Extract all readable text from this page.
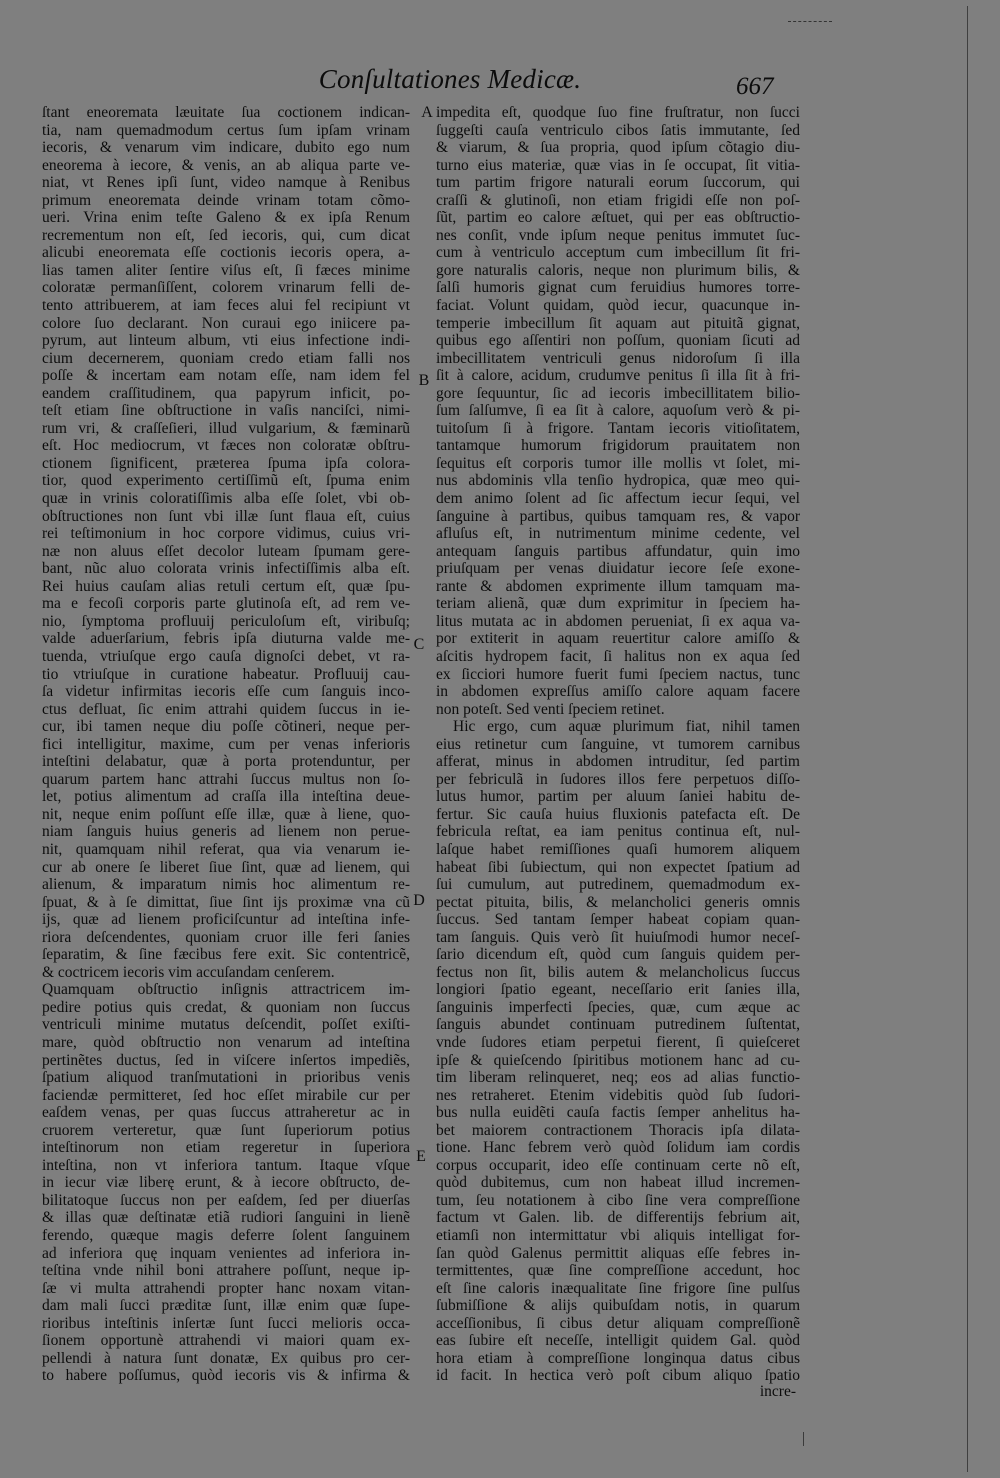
Conſultationes Medicæ.	667
ſtant eneoremata læuitate ſua coctionem indican-
tia, nam quemadmodum certus ſum ipſam vrinam
iecoris, & venarum vim indicare, dubito ego num
eneorema à iecore, & venis, an ab aliqua parte ve-
niat, vt Renes ipſi ſunt, video namque à Renibus
primum eneoremata deinde vrinam totam cõmo-
ueri. Vrina enim teſte Galeno & ex ipſa Renum
recrementum non eſt, ſed iecoris, qui, cum dicat
alicubi eneoremata eſſe coctionis iecoris opera, a-
lias tamen aliter ſentire viſus eſt, ſi fæces minime
coloratæ permanſiſſent, colorem vrinarum felli de-
tento attribuerem, at iam feces alui fel recipiunt vt
colore ſuo declarant. Non curaui ego iniicere pa-
pyrum, aut linteum album, vti eius infectione indi-
cium decernerem, quoniam credo etiam falli nos
poſſe & incertam eam notam eſſe, nam idem fel
eandem craſſitudinem, qua papyrum inficit, po-
teſt etiam ſine obſtructione in vaſis nanciſci, nimi-
rum vri, & craſſeſieri, illud vulgarium, & fæminarũ
eſt. Hoc mediocrum, vt fæces non coloratæ obſtru-
ctionem ſignificent, præterea ſpuma ipſa colora-
tior, quod experimento certiſſimũ eſt, ſpuma enim
quæ in vrinis coloratiſſimis alba eſſe ſolet, vbi ob-
obſtructiones non ſunt vbi illæ ſunt flaua eſt, cuius
rei teſtimonium in hoc corpore vidimus, cuius vri-
næ non aluus eſſet decolor luteam ſpumam gere-
bant, nũc aluo colorata vrinis infectiſſimis alba eſt.
Rei huius cauſam alias retuli certum eſt, quæ ſpu-
ma e fecoſi corporis parte glutinoſa eſt, ad rem ve-
nio, ſymptoma profluuij periculoſum eſt, viribuſq;
valde aduerſarium, febris ipſa diuturna valde me-
tuenda, vtriuſque ergo cauſa dignoſci debet, vt ra-
tio vtriuſque in curatione habeatur. Profluuij cau-
ſa videtur infirmitas iecoris eſſe cum ſanguis inco-
ctus defluat, ſic enim attrahi quidem ſuccus in ie-
cur, ibi tamen neque diu poſſe cõtineri, neque per-
fici intelligitur, maxime, cum per venas inferioris
inteſtini delabatur, quæ à porta protenduntur, per
quarum partem hanc attrahi ſuccus multus non ſo-
let, potius alimentum ad craſſa illa inteſtina deue-
nit, neque enim poſſunt eſſe illæ, quæ à liene, quo-
niam ſanguis huius generis ad lienem non perue-
nit, quamquam nihil referat, qua via venarum ie-
cur ab onere ſe liberet ſiue ſint, quæ ad lienem, qui
alienum, & imparatum nimis hoc alimentum re-
ſpuat, & à ſe dimittat, ſiue ſint ijs proximæ vna cũ
ijs, quæ ad lienem proficiſcuntur ad inteſtina infe-
riora deſcendentes, quoniam cruor ille feri ſanies
ſeparatim, & ſine fæcibus fere exit. Sic contentricẽ,
& coctricem iecoris vim accuſandam cenſerem.
Quamquam obſtructio inſignis attractricem im-
pedire potius quis credat, & quoniam non ſuccus
ventriculi minime mutatus deſcendit, poſſet exiſti-
mare, quòd obſtructio non venarum ad inteſtina
pertinẽtes ductus, ſed in viſcere inſertos impediẽs,
ſpatium aliquod tranſmutationi in prioribus venis
faciendæ permitteret, ſed hoc eſſet mirabile cur per
eaſdem venas, per quas ſuccus attraheretur ac in
cruorem verteretur, quæ ſunt ſuperiorum potius
inteſtinorum non etiam regeretur in ſuperiora
inteſtina, non vt inferiora tantum. Itaque vſque
in iecur viæ liberę erunt, & à iecore obſtructo, de-
bilitatoque ſuccus non per eaſdem, ſed per diuerſas
& illas quæ deſtinatæ etiã rudiori ſanguini in lienẽ
ferendo, quæque magis deferre ſolent ſanguinem
ad inferiora quę inquam venientes ad inferiora in-
teſtina vnde nihil boni attrahere poſſunt, neque ip-
ſæ vi multa attrahendi propter hanc noxam vitan-
dam mali ſucci præditæ ſunt, illæ enim quæ ſupe-
rioribus inteſtinis inſertæ ſunt ſucci melioris occa-
ſionem opportunè attrahendi vi maiori quam ex-
pellendi à natura ſunt donatæ, Ex quibus pro cer-
to habere poſſumus, quòd iecoris vis & infirma &
impedita eſt, quodque ſuo fine fruſtratur, non ſucci
ſuggeſti cauſa ventriculo cibos ſatis immutante, ſed
& viarum, & ſua propria, quod ipſum cõtagio diu-
turno eius materiæ, quæ vias in ſe occupat, ſit vitia-
tum partim frigore naturali eorum ſuccorum, qui
craſſi & glutinoſi, non etiam frigidi eſſe non poſ-
ſũt, partim eo calore æſtuet, qui per eas obſtructio-
nes conſit, vnde ipſum neque penitus immutet ſuc-
cum à ventriculo acceptum cum imbecillum ſit fri-
gore naturalis caloris, neque non plurimum bilis, &
ſalſi humoris gignat cum feruidius humores torre-
faciat. Volunt quidam, quòd iecur, quacunque in-
temperie imbecillum ſit aquam aut pituitã gignat,
quibus ego aſſentiri non poſſum, quoniam ſicuti ad
imbecillitatem ventriculi genus nidoroſum ſi illa
ſit à calore, acidum, crudumve penitus ſi illa ſit à fri-
gore ſequuntur, ſic ad iecoris imbecillitatem bilio-
ſum ſalſumve, ſi ea ſit à calore, aquoſum verò & pi-
tuitoſum ſi à frigore. Tantam iecoris vitioſitatem,
tantamque humorum frigidorum prauitatem non
ſequitus eſt corporis tumor ille mollis vt ſolet, mi-
nus abdominis vlla tenſio hydropica, quæ meo qui-
dem animo ſolent ad ſic affectum iecur ſequi, vel
ſanguine à partibus, quibus tamquam res, & vapor
afluſus eſt, in nutrimentum minime cedente, vel
antequam ſanguis partibus affundatur, quin imo
priuſquam per venas diuidatur iecore ſeſe exone-
rante & abdomen exprimente illum tamquam ma-
teriam alienã, quæ dum exprimitur in ſpeciem ha-
litus mutata ac in abdomen perueniat, ſi ex aqua va-
por extiterit in aquam reuertitur calore amiſſo &
aſcitis hydropem facit, ſi halitus non ex aqua ſed
ex ſicciori humore fuerit fumi ſpeciem nactus, tunc
in abdomen expreſſus amiſſo calore aquam facere
non poteſt. Sed venti ſpeciem retinet.
Hic ergo, cum aquæ plurimum fiat, nihil tamen
eius retinetur cum ſanguine, vt tumorem carnibus
afferat, minus in abdomen intruditur, ſed partim
per febriculã in ſudores illos fere perpetuos diſſo-
lutus humor, partim per aluum ſaniei habitu de-
fertur. Sic cauſa huius fluxionis patefacta eſt. De
febricula reſtat, ea iam penitus continua eſt, nul-
laſque habet remiſſiones quaſi humorem aliquem
habeat ſibi ſubiectum, qui non expectet ſpatium ad
ſui cumulum, aut putredinem, quemadmodum ex-
pectat pituita, bilis, & melancholici generis omnis
ſuccus. Sed tantam ſemper habeat copiam quan-
tam ſanguis. Quis verò ſit huiuſmodi humor neceſ-
ſario dicendum eſt, quòd cum ſanguis quidem per-
fectus non ſit, bilis autem & melancholicus ſuccus
longiori ſpatio egeant, neceſſario erit ſanies illa,
ſanguinis imperfecti ſpecies, quæ, cum æque ac
ſanguis abundet continuam putredinem ſuſtentat,
vnde ſudores etiam perpetui fierent, ſi quieſceret
ipſe & quieſcendo ſpiritibus motionem hanc ad cu-
tim liberam relinqueret, neq; eos ad alias functio-
nes retraheret. Etenim videbitis quòd ſub ſudori-
bus nulla euidẽti cauſa factis ſemper anhelitus ha-
bet maiorem contractionem Thoracis ipſa dilata-
tione. Hanc febrem verò quòd ſolidum iam cordis
corpus occuparit, ideo eſſe continuam certe nõ eſt,
quòd dubitemus, cum non habeat illud incremen-
tum, ſeu notationem à cibo ſine vera compreſſione
factum vt Galen. lib. de differentijs febrium ait,
etiamſi non intermittatur vbi aliquis intelligat for-
ſan quòd Galenus permittit aliquas eſſe febres in-
termittentes, quæ ſine compreſſione accedunt, hoc
eſt ſine caloris inæqualitate ſine frigore ſine pulſus
ſubmiſſione & alijs quibuſdam notis, in quarum
acceſſionibus, ſi cibus detur aliquam compreſſionẽ
eas ſubire eſt neceſſe, intelligit quidem Gal. quòd
hora etiam à compreſſione longinqua datus cibus
id facit. In hectica verò poſt cibum aliquo ſpatio
A
B
C
D
E
incre-
